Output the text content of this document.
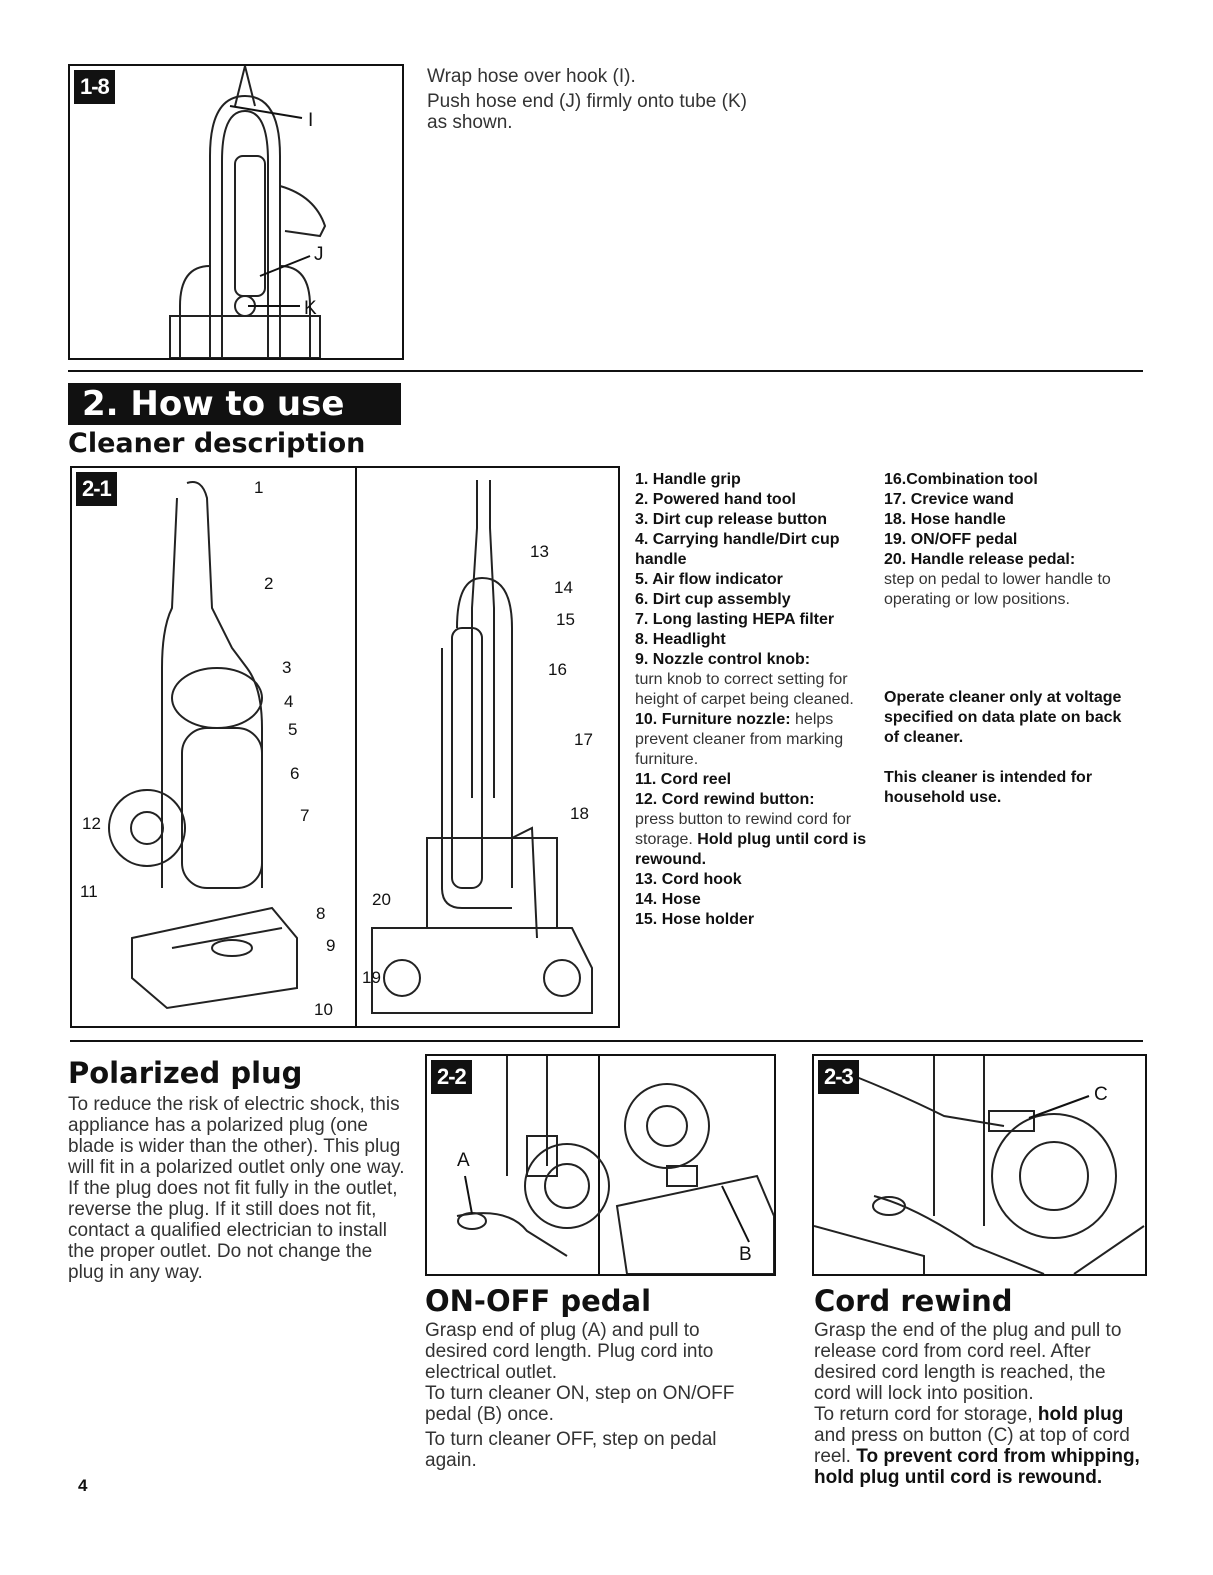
1-8
I
J
K
Wrap hose over hook (I).
Push hose end (J) firmly onto tube (K) as shown.
2. How to use
Cleaner description
2-1	1
2
3
4
5
6
7
8
9
10
11
12
13
14
15
16
17
18
19
20
1. Handle grip
2. Powered hand tool
3. Dirt cup release button
4. Carrying handle/Dirt cup handle
5. Air flow indicator
6. Dirt cup assembly
7. Long lasting HEPA filter
8. Headlight
9. Nozzle control knob:
turn knob to correct setting for height of carpet being cleaned.
10. Furniture nozzle: helps prevent cleaner from marking furniture.
11. Cord reel
12. Cord rewind button:
press button to rewind cord for storage. Hold plug until cord is rewound.
13. Cord hook
14. Hose
15. Hose holder
16.Combination tool
17. Crevice wand
18. Hose handle
19. ON/OFF pedal
20. Handle release pedal:
step on pedal to lower handle to operating or low positions.
Operate cleaner only at voltage specified on data plate on back of cleaner.
This cleaner is intended for household use.
Polarized plug
To reduce the risk of electric shock, this appliance has a polarized plug (one blade is wider than the other). This plug will fit in a polarized outlet only one way. If the plug does not fit fully in the outlet, reverse the plug. If it still does not fit, contact a qualified electrician to install the proper outlet. Do not change the plug in any way.
2-2
A
B
ON-OFF pedal
Grasp end of plug (A) and pull to desired cord length. Plug cord into electrical outlet.
To turn cleaner ON, step on ON/OFF pedal (B) once.
To turn cleaner OFF, step on pedal again.
2-3
C
Cord rewind
Grasp the end of the plug and pull to release cord from cord reel. After desired cord length is reached, the cord will lock into position.
To return cord for storage, hold plug and press on button (C) at top of cord reel. To prevent cord from whipping, hold plug until cord is rewound.
4
